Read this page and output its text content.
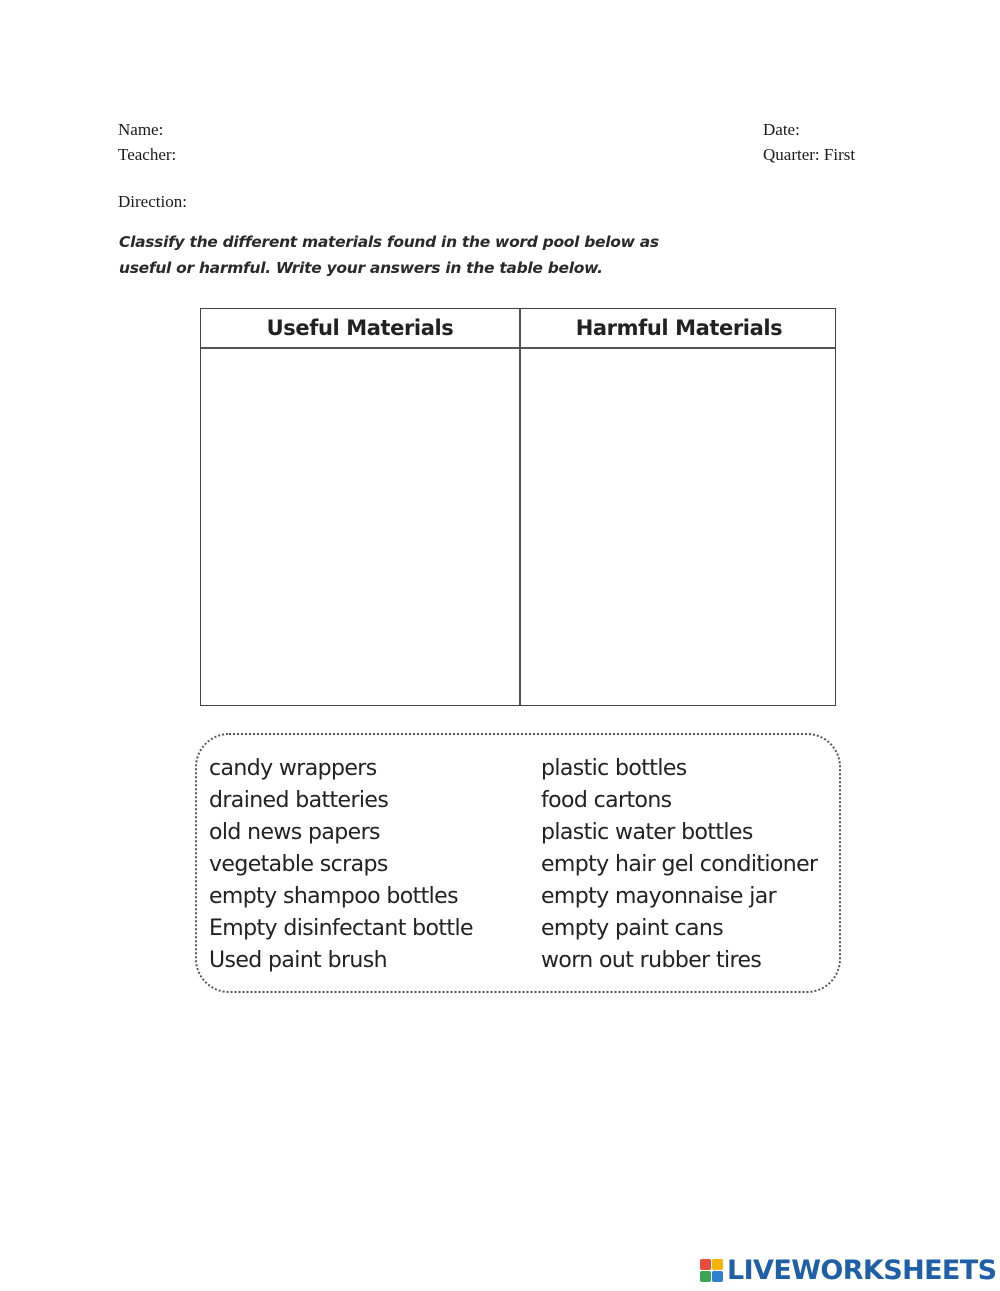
Name:
Teacher:
Date:
Quarter: First
Direction:
Classify the different materials found in the word pool below as
useful or harmful. Write your answers in the table below.
Useful Materials	Harmful Materials
candy wrappers
drained batteries
old news papers
vegetable scraps
empty shampoo bottles
Empty disinfectant bottle
Used paint brush
plastic bottles
food cartons
plastic water bottles
empty hair gel conditioner
empty mayonnaise jar
empty paint cans
worn out rubber tires
LIVEWORKSHEETS
